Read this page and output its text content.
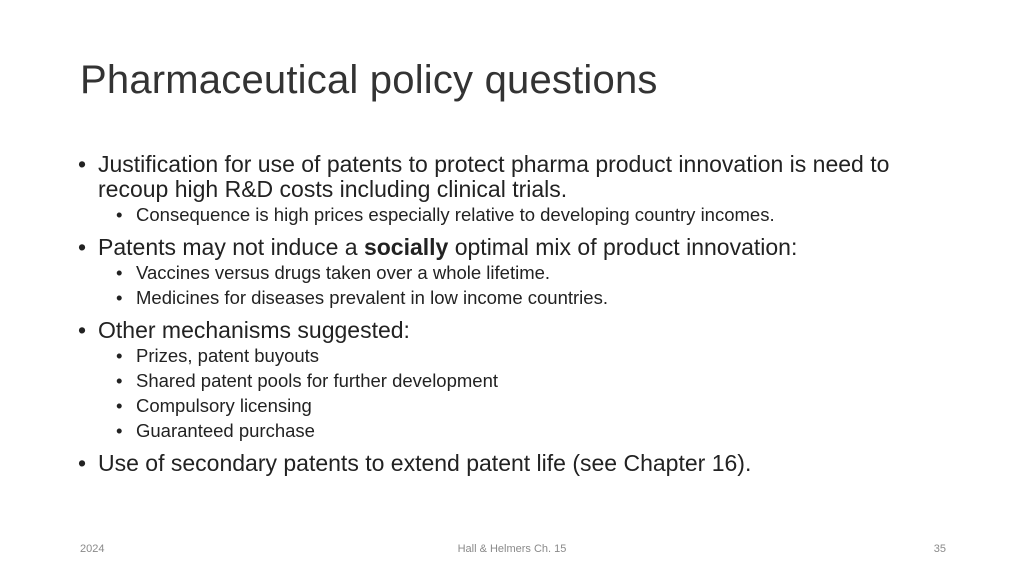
Pharmaceutical policy questions
• Justification for use of patents to protect pharma product innovation is need to recoup high R&D costs including clinical trials.
• Consequence is high prices especially relative to developing country incomes.
• Patents may not induce a socially optimal mix of product innovation:
• Vaccines versus drugs taken over a whole lifetime.
• Medicines for diseases prevalent in low income countries.
• Other mechanisms suggested:
• Prizes, patent buyouts
• Shared patent pools for further development
• Compulsory licensing
• Guaranteed purchase
• Use of secondary patents to extend patent life (see Chapter 16).
2024	Hall & Helmers Ch. 15	35
